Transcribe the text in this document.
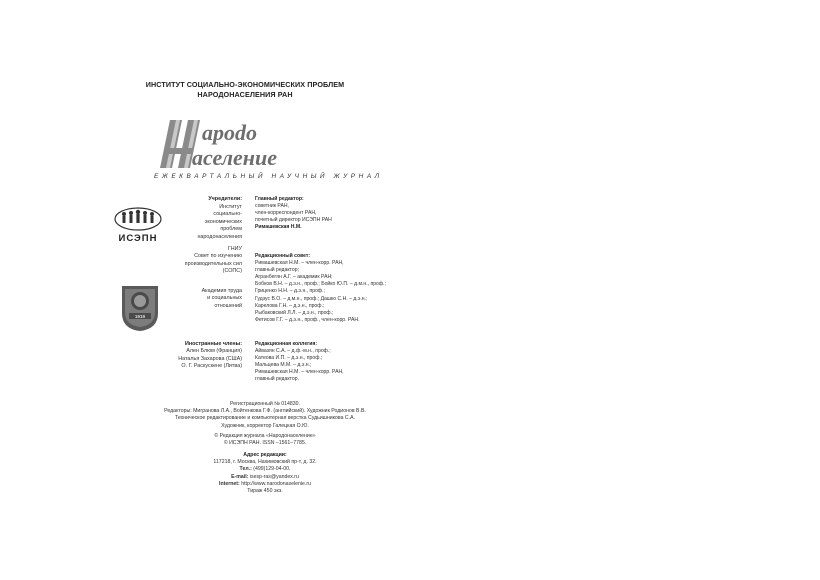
ИНСТИТУТ СОЦИАЛЬНО-ЭКОНОМИЧЕСКИХ ПРОБЛЕМ
НАРОДОНАСЕЛЕНИЯ РАН
арodo
аселение
ЕЖЕКВАРТАЛЬНЫЙ НАУЧНЫЙ ЖУРНАЛ
Учредители:
Институт
социально-
экономических
проблем
народонаселения
ИСЭПН
ГНИУ
Совет по изучению
производительных сил
(СОПС)
Академия труда
и социальных
отношений
1919
Главный редактор:
советник РАН,
член-корреспондент РАН,
почетный директор ИСЭПН РАН
Римашевская Н.М.
Редакционный совет:
Римашевская Н.М. – член-корр. РАН,
главный редактор;
Агранбегян А.Г. – академик РАН;
Бобков В.Н. – д.э.н., проф.; Бойко Ю.П. – д.м.н., проф.;
Гриценко Н.Н. – д.э.н., проф.;
Гудзус В.О. – д.м.н., проф.; Дашко С.Н. – д.э.н.;
Карелова Г.Н. – д.э.н., проф.;
Рыбаковский Л.Л. – д.э.н., проф.;
Фетисов Г.Г. – д.э.н., проф., член-корр. РАН.
Иностранные члены:
Ален Блюм (Франция)
Наталья Захарова (США)
О. Г. Раскускене (Литва)
Редакционная коллегия:
Айвазян С.А. – д.ф.-м.н., проф.;
Катеова И.П. – д.э.н., проф.;
Мальцева М.М. – д.э.н.;
Римашевская Н.М. – член-корр. РАН,
главный редактор.
Регистрационный № 014830.
Редакторы: Мигранова Л.А., Войтенкова Г.Ф. (английский). Художник Родионов В.В.
Техническое редактирование и компьютерная верстка Судьишникова С.А.
Художник, корректор Галецкая О.Ю.
© Редакция журнала «Народонаселение»
© ИСЭПН РАН. ISSN –1561–7785.
Адрес редакции:
117218, г. Москва, Нахимовский пр-т, д. 32.
Тел.: (499)129-04-00.
E-mail: isesp-ras@yandex.ru
Internet: http://www.narodonaselenie.ru
Тираж 450 экз.
